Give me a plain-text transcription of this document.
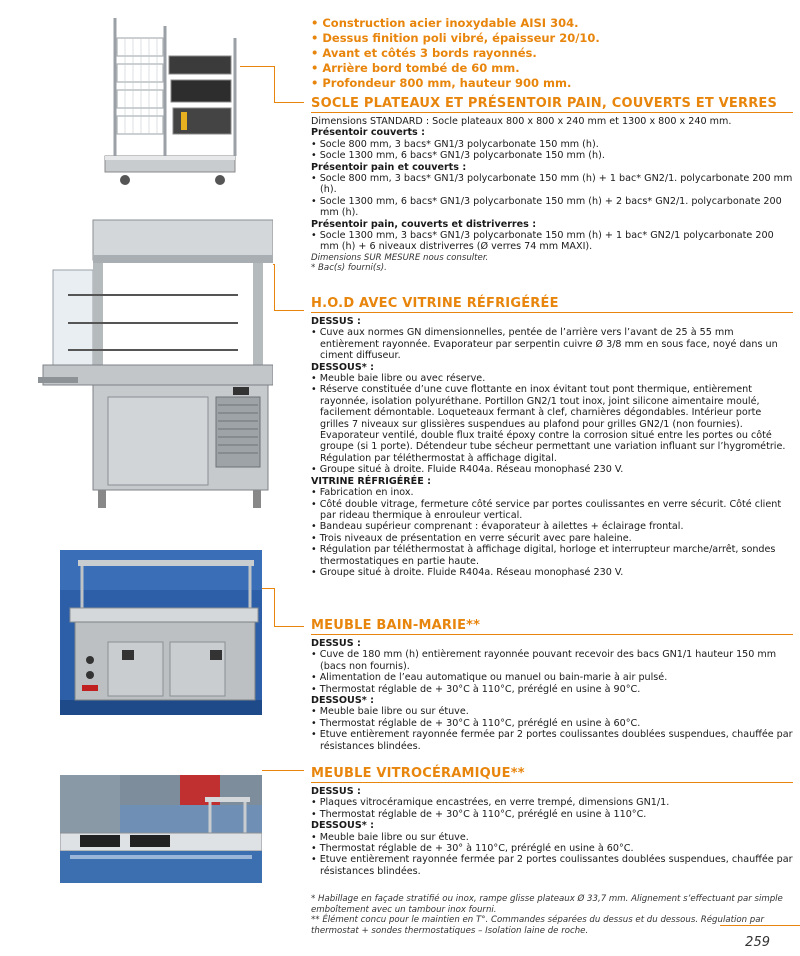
• Construction acier inoxydable AISI 304.

• Dessus finition poli vibré, épaisseur 20/10.

• Avant et côtés 3 bords rayonnés.

• Arrière bord tombé de 60 mm.

• Profondeur 800 mm, hauteur 900 mm.

SOCLE PLATEAUX ET PRÉSENTOIR PAIN, COUVERTS ET VERRES

Dimensions STANDARD : Socle plateaux 800 x 800 x 240 mm et 1300 x 800 x 240 mm.

Présentoir couverts :

• Socle 800 mm, 3 bacs* GN1/3 polycarbonate 150 mm (h).

• Socle 1300 mm, 6 bacs* GN1/3 polycarbonate 150 mm (h).

Présentoir pain et couverts :

• Socle 800 mm, 3 bacs* GN1/3 polycarbonate 150 mm (h) + 1 bac* GN2/1. polycarbonate 200 mm (h).

• Socle 1300 mm, 6 bacs* GN1/3 polycarbonate 150 mm (h) + 2 bacs* GN2/1. polycarbonate 200 mm (h).

Présentoir pain, couverts et distriverres :

• Socle 1300 mm, 3 bacs* GN1/3 polycarbonate 150 mm (h) + 1 bac* GN2/1 polycarbonate 200 mm (h) + 6 niveaux distriverres (Ø verres 74 mm MAXI).

Dimensions SUR MESURE nous consulter.

* Bac(s) fourni(s).

H.O.D AVEC VITRINE RÉFRIGÉRÉE

DESSUS :

• Cuve aux normes GN dimensionnelles, pentée de l’arrière vers l’avant de 25 à 55 mm entièrement rayonnée. Evaporateur par serpentin cuivre Ø 3/8 mm en sous face, noyé dans un ciment diffuseur.

DESSOUS* :

• Meuble baie libre ou avec réserve.

• Réserve constituée d’une cuve flottante en inox évitant tout pont thermique, entièrement rayonnée, isolation polyuréthane. Portillon GN2/1 tout inox, joint silicone aimentaire moulé, facilement démontable. Loqueteaux fermant à clef, charnières dégondables. Intérieur porte grilles 7 niveaux sur glissières suspendues au plafond pour grilles GN2/1 (non fournies). Evaporateur ventilé, double flux traité époxy contre la corrosion situé entre les portes ou côté groupe (si 1 porte). Détendeur tube sécheur permettant une variation influant sur l’hygrométrie. Régulation par téléthermostat à affichage digital.

• Groupe situé à droite. Fluide R404a. Réseau monophasé 230 V.

VITRINE RÉFRIGÉRÉE :

• Fabrication en inox.

• Côté double vitrage, fermeture côté service par portes coulissantes en verre sécurit. Côté client par rideau thermique à enrouleur vertical.

• Bandeau supérieur comprenant : évaporateur à ailettes + éclairage frontal.

• Trois niveaux de présentation en verre sécurit avec pare haleine.

• Régulation par téléthermostat à affichage digital, horloge et interrupteur marche/arrêt, sondes thermostatiques en partie haute.

• Groupe situé à droite. Fluide R404a. Réseau monophasé 230 V.

MEUBLE BAIN-MARIE**

DESSUS :

• Cuve de 180 mm (h) entièrement rayonnée pouvant recevoir des bacs GN1/1 hauteur 150 mm (bacs non fournis).

• Alimentation de l’eau automatique ou manuel ou bain-marie à air pulsé.

• Thermostat réglable de + 30°C à 110°C, préréglé en usine à 90°C.

DESSOUS* :

• Meuble baie libre ou sur étuve.

• Thermostat réglable de + 30°C à 110°C, préréglé en usine à 60°C.

• Etuve entièrement rayonnée fermée par 2 portes coulissantes doublées suspendues, chauffée par résistances blindées.

MEUBLE VITROCÉRAMIQUE**

DESSUS :

• Plaques vitrocéramique encastrées, en verre trempé, dimensions GN1/1.

• Thermostat réglable de + 30°C à 110°C, préréglé en usine à 110°C.

DESSOUS* :

• Meuble baie libre ou sur étuve.

• Thermostat réglable de + 30° à 110°C, préréglé en usine à 60°C.

• Etuve entièrement rayonnée fermée par 2 portes coulissantes doublées suspendues, chauffée par résistances blindées.

* Habillage en façade stratifié ou inox, rampe glisse plateaux Ø 33,7 mm. Alignement s’effectuant par simple emboîtement avec un tambour inox fourni.

** Élément concu pour le maintien en T°. Commandes séparées du dessus et du dessous. Régulation par thermostat + sondes thermostatiques – Isolation laine de roche.

259
